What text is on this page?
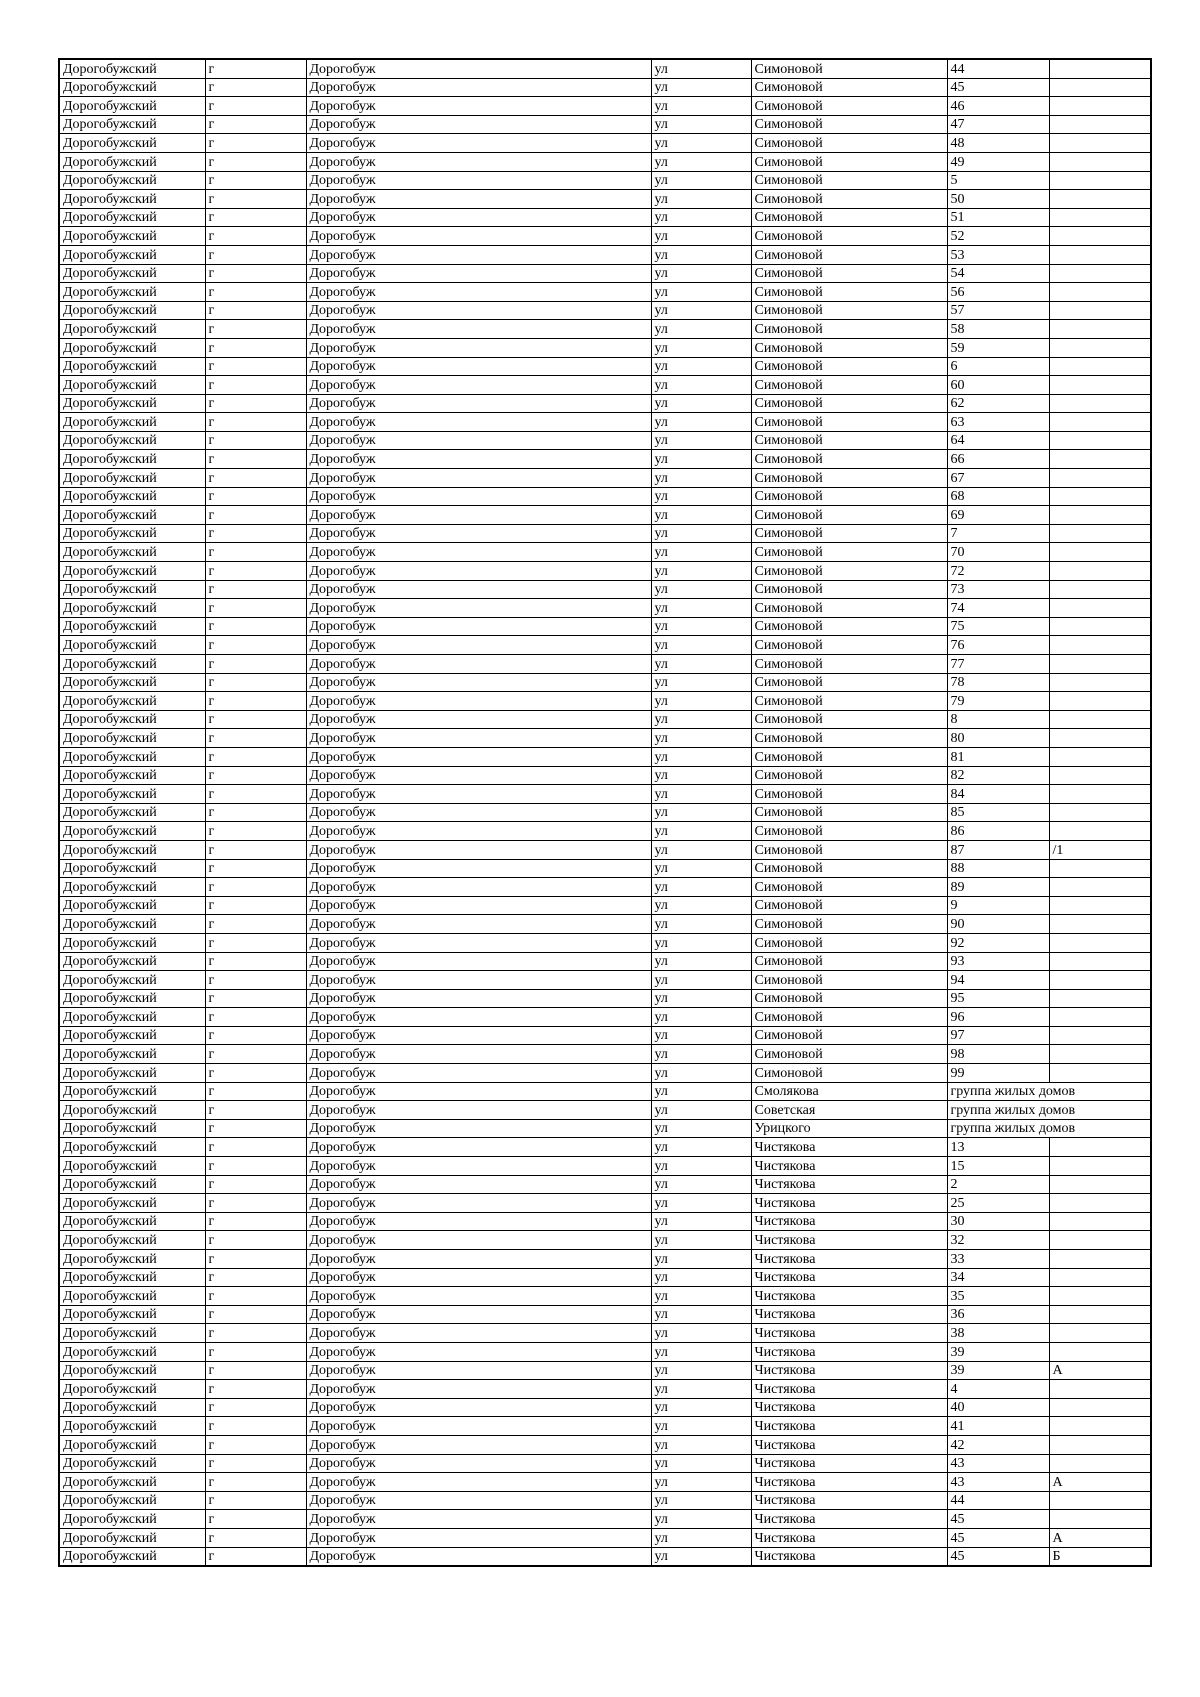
Дорогобужский	г	Дорогобуж	ул	Симоновой	44	
Дорогобужский	г	Дорогобуж	ул	Симоновой	45	
Дорогобужский	г	Дорогобуж	ул	Симоновой	46	
Дорогобужский	г	Дорогобуж	ул	Симоновой	47	
Дорогобужский	г	Дорогобуж	ул	Симоновой	48	
Дорогобужский	г	Дорогобуж	ул	Симоновой	49	
Дорогобужский	г	Дорогобуж	ул	Симоновой	5	
Дорогобужский	г	Дорогобуж	ул	Симоновой	50	
Дорогобужский	г	Дорогобуж	ул	Симоновой	51	
Дорогобужский	г	Дорогобуж	ул	Симоновой	52	
Дорогобужский	г	Дорогобуж	ул	Симоновой	53	
Дорогобужский	г	Дорогобуж	ул	Симоновой	54	
Дорогобужский	г	Дорогобуж	ул	Симоновой	56	
Дорогобужский	г	Дорогобуж	ул	Симоновой	57	
Дорогобужский	г	Дорогобуж	ул	Симоновой	58	
Дорогобужский	г	Дорогобуж	ул	Симоновой	59	
Дорогобужский	г	Дорогобуж	ул	Симоновой	6	
Дорогобужский	г	Дорогобуж	ул	Симоновой	60	
Дорогобужский	г	Дорогобуж	ул	Симоновой	62	
Дорогобужский	г	Дорогобуж	ул	Симоновой	63	
Дорогобужский	г	Дорогобуж	ул	Симоновой	64	
Дорогобужский	г	Дорогобуж	ул	Симоновой	66	
Дорогобужский	г	Дорогобуж	ул	Симоновой	67	
Дорогобужский	г	Дорогобуж	ул	Симоновой	68	
Дорогобужский	г	Дорогобуж	ул	Симоновой	69	
Дорогобужский	г	Дорогобуж	ул	Симоновой	7	
Дорогобужский	г	Дорогобуж	ул	Симоновой	70	
Дорогобужский	г	Дорогобуж	ул	Симоновой	72	
Дорогобужский	г	Дорогобуж	ул	Симоновой	73	
Дорогобужский	г	Дорогобуж	ул	Симоновой	74	
Дорогобужский	г	Дорогобуж	ул	Симоновой	75	
Дорогобужский	г	Дорогобуж	ул	Симоновой	76	
Дорогобужский	г	Дорогобуж	ул	Симоновой	77	
Дорогобужский	г	Дорогобуж	ул	Симоновой	78	
Дорогобужский	г	Дорогобуж	ул	Симоновой	79	
Дорогобужский	г	Дорогобуж	ул	Симоновой	8	
Дорогобужский	г	Дорогобуж	ул	Симоновой	80	
Дорогобужский	г	Дорогобуж	ул	Симоновой	81	
Дорогобужский	г	Дорогобуж	ул	Симоновой	82	
Дорогобужский	г	Дорогобуж	ул	Симоновой	84	
Дорогобужский	г	Дорогобуж	ул	Симоновой	85	
Дорогобужский	г	Дорогобуж	ул	Симоновой	86	
Дорогобужский	г	Дорогобуж	ул	Симоновой	87	/1
Дорогобужский	г	Дорогобуж	ул	Симоновой	88	
Дорогобужский	г	Дорогобуж	ул	Симоновой	89	
Дорогобужский	г	Дорогобуж	ул	Симоновой	9	
Дорогобужский	г	Дорогобуж	ул	Симоновой	90	
Дорогобужский	г	Дорогобуж	ул	Симоновой	92	
Дорогобужский	г	Дорогобуж	ул	Симоновой	93	
Дорогобужский	г	Дорогобуж	ул	Симоновой	94	
Дорогобужский	г	Дорогобуж	ул	Симоновой	95	
Дорогобужский	г	Дорогобуж	ул	Симоновой	96	
Дорогобужский	г	Дорогобуж	ул	Симоновой	97	
Дорогобужский	г	Дорогобуж	ул	Симоновой	98	
Дорогобужский	г	Дорогобуж	ул	Симоновой	99	
Дорогобужский	г	Дорогобуж	ул	Смолякова	группа жилых домов	
Дорогобужский	г	Дорогобуж	ул	Советская	группа жилых домов	
Дорогобужский	г	Дорогобуж	ул	Урицкого	группа жилых домов	
Дорогобужский	г	Дорогобуж	ул	Чистякова	13	
Дорогобужский	г	Дорогобуж	ул	Чистякова	15	
Дорогобужский	г	Дорогобуж	ул	Чистякова	2	
Дорогобужский	г	Дорогобуж	ул	Чистякова	25	
Дорогобужский	г	Дорогобуж	ул	Чистякова	30	
Дорогобужский	г	Дорогобуж	ул	Чистякова	32	
Дорогобужский	г	Дорогобуж	ул	Чистякова	33	
Дорогобужский	г	Дорогобуж	ул	Чистякова	34	
Дорогобужский	г	Дорогобуж	ул	Чистякова	35	
Дорогобужский	г	Дорогобуж	ул	Чистякова	36	
Дорогобужский	г	Дорогобуж	ул	Чистякова	38	
Дорогобужский	г	Дорогобуж	ул	Чистякова	39	
Дорогобужский	г	Дорогобуж	ул	Чистякова	39	А
Дорогобужский	г	Дорогобуж	ул	Чистякова	4	
Дорогобужский	г	Дорогобуж	ул	Чистякова	40	
Дорогобужский	г	Дорогобуж	ул	Чистякова	41	
Дорогобужский	г	Дорогобуж	ул	Чистякова	42	
Дорогобужский	г	Дорогобуж	ул	Чистякова	43	
Дорогобужский	г	Дорогобуж	ул	Чистякова	43	А
Дорогобужский	г	Дорогобуж	ул	Чистякова	44	
Дорогобужский	г	Дорогобуж	ул	Чистякова	45	
Дорогобужский	г	Дорогобуж	ул	Чистякова	45	А
Дорогобужский	г	Дорогобуж	ул	Чистякова	45	Б
